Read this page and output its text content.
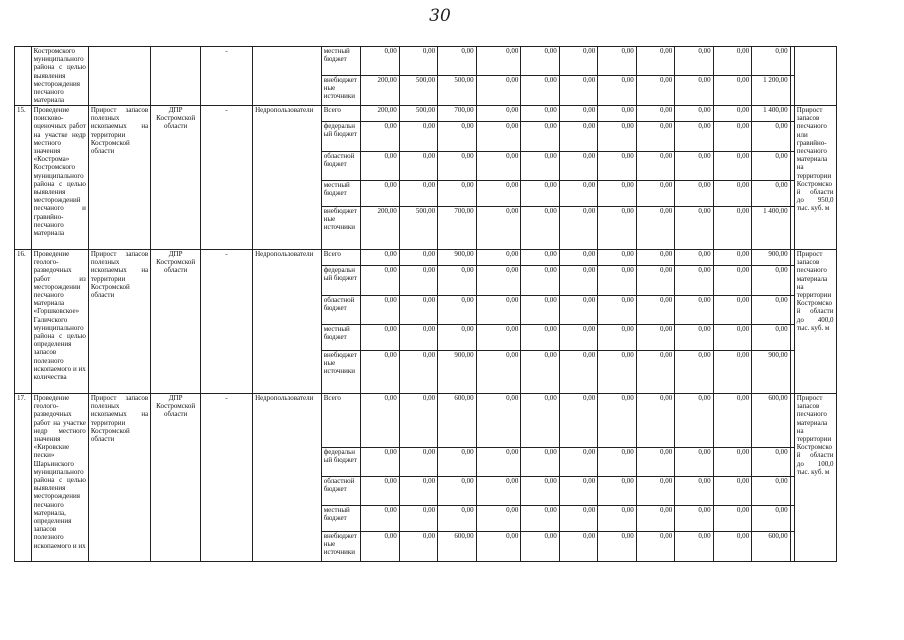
30
	Костромского муниципального района с целью выявления месторождения песчаного материала			-		местный бюджет	0,00	0,00	0,00	0,00	0,00	0,00	0,00	0,00	0,00	0,00	0,00			
						внебюджетные источники	200,00	500,00	500,00	0,00	0,00	0,00	0,00	0,00	0,00	0,00	1 200,00			
15.	Проведение поисково-оценочных работ на участке недр местного значения «Кострома» Костромского муниципального района с целью выявления месторождений песчаного и гравийно-песчаного материала	Прирост запасов полезных ископаемых на территории Костромской области	ДПР Костромской области	-	Недропользователи	Всего	200,00	500,00	700,00	0,00	0,00	0,00	0,00	0,00	0,00	0,00	1 400,00		Прирост запасов песчаного или гравийно-песчаного материала на территории Костромской области до 950,0 тыс. куб. м	
						федеральный бюджет	0,00	0,00	0,00	0,00	0,00	0,00	0,00	0,00	0,00	0,00	0,00			
						областной бюджет	0,00	0,00	0,00	0,00	0,00	0,00	0,00	0,00	0,00	0,00	0,00			
						местный бюджет	0,00	0,00	0,00	0,00	0,00	0,00	0,00	0,00	0,00	0,00	0,00			
						внебюджетные источники	200,00	500,00	700,00	0,00	0,00	0,00	0,00	0,00	0,00	0,00	1 400,00			
16.	Проведение геолого-разведочных работ из месторождении песчаного материала «Горшковское» Галичского муниципального района с целью определения запасов полезного ископаемого и их количества	Прирост запасов полезных ископаемых на территории Костромской области	ДПР Костромской области	-	Недропользователи	Всего	0,00	0,00	900,00	0,00	0,00	0,00	0,00	0,00	0,00	0,00	900,00		Прирост запасов песчаного материала на территории Костромской области до 400,0 тыс. куб. м	
						федеральный бюджет	0,00	0,00	0,00	0,00	0,00	0,00	0,00	0,00	0,00	0,00	0,00			
						областной бюджет	0,00	0,00	0,00	0,00	0,00	0,00	0,00	0,00	0,00	0,00	0,00			
						местный бюджет	0,00	0,00	0,00	0,00	0,00	0,00	0,00	0,00	0,00	0,00	0,00			
						внебюджетные источники	0,00	0,00	900,00	0,00	0,00	0,00	0,00	0,00	0,00	0,00	900,00			
17.	Проведение геолого-разведочных работ на участке недр местного значения «Кировские пески» Шарьинского муниципального района с целью выявления месторождения песчаного материала, определения запасов полезного ископаемого и их	Прирост запасов полезных ископаемых на территории Костромской области	ДПР Костромской области	-	Недропользователи	Всего	0,00	0,00	600,00	0,00	0,00	0,00	0,00	0,00	0,00	0,00	600,00		Прирост запасов песчаного материала на территории Костромской области до 100,0 тыс. куб. м	
						федеральный бюджет	0,00	0,00	0,00	0,00	0,00	0,00	0,00	0,00	0,00	0,00	0,00			
						областной бюджет	0,00	0,00	0,00	0,00	0,00	0,00	0,00	0,00	0,00	0,00	0,00			
						местный бюджет	0,00	0,00	0,00	0,00	0,00	0,00	0,00	0,00	0,00	0,00	0,00			
						внебюджетные источники	0,00	0,00	600,00	0,00	0,00	0,00	0,00	0,00	0,00	0,00	600,00			
